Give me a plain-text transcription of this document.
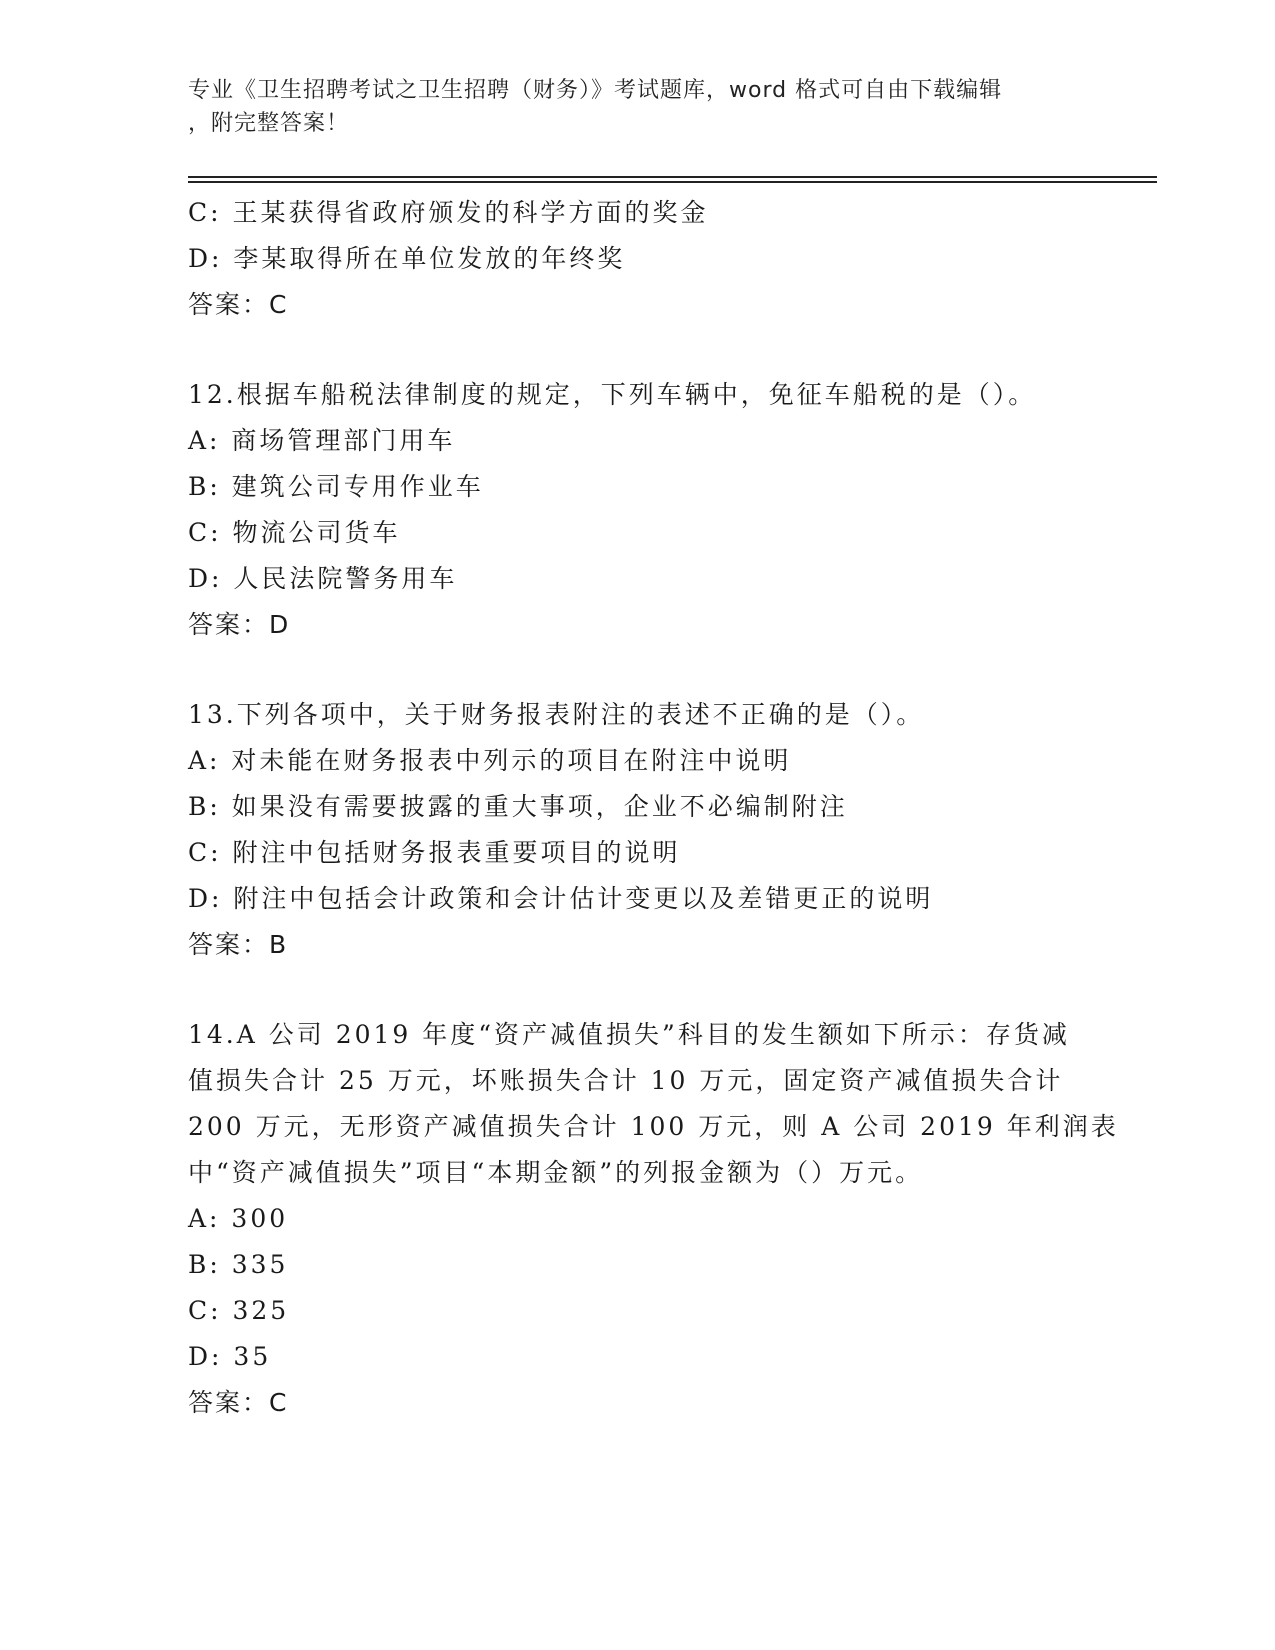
专业《卫生招聘考试之卫生招聘（财务）》考试题库，word 格式可自由下载编辑
，附完整答案！
C: 王某获得省政府颁发的科学方面的奖金
D: 李某取得所在单位发放的年终奖
答案：C
12.根据车船税法律制度的规定，下列车辆中，免征车船税的是（）。
A: 商场管理部门用车
B: 建筑公司专用作业车
C: 物流公司货车
D: 人民法院警务用车
答案：D
13.下列各项中，关于财务报表附注的表述不正确的是（）。
A: 对未能在财务报表中列示的项目在附注中说明
B: 如果没有需要披露的重大事项，企业不必编制附注
C: 附注中包括财务报表重要项目的说明
D: 附注中包括会计政策和会计估计变更以及差错更正的说明
答案：B
14.A 公司 2019 年度“资产减值损失”科目的发生额如下所示：存货减
值损失合计 25 万元，坏账损失合计 10 万元，固定资产减值损失合计
200 万元，无形资产减值损失合计 100 万元，则 A 公司 2019 年利润表
中“资产减值损失”项目“本期金额”的列报金额为（）万元。
A: 300
B: 335
C: 325
D: 35
答案：C
